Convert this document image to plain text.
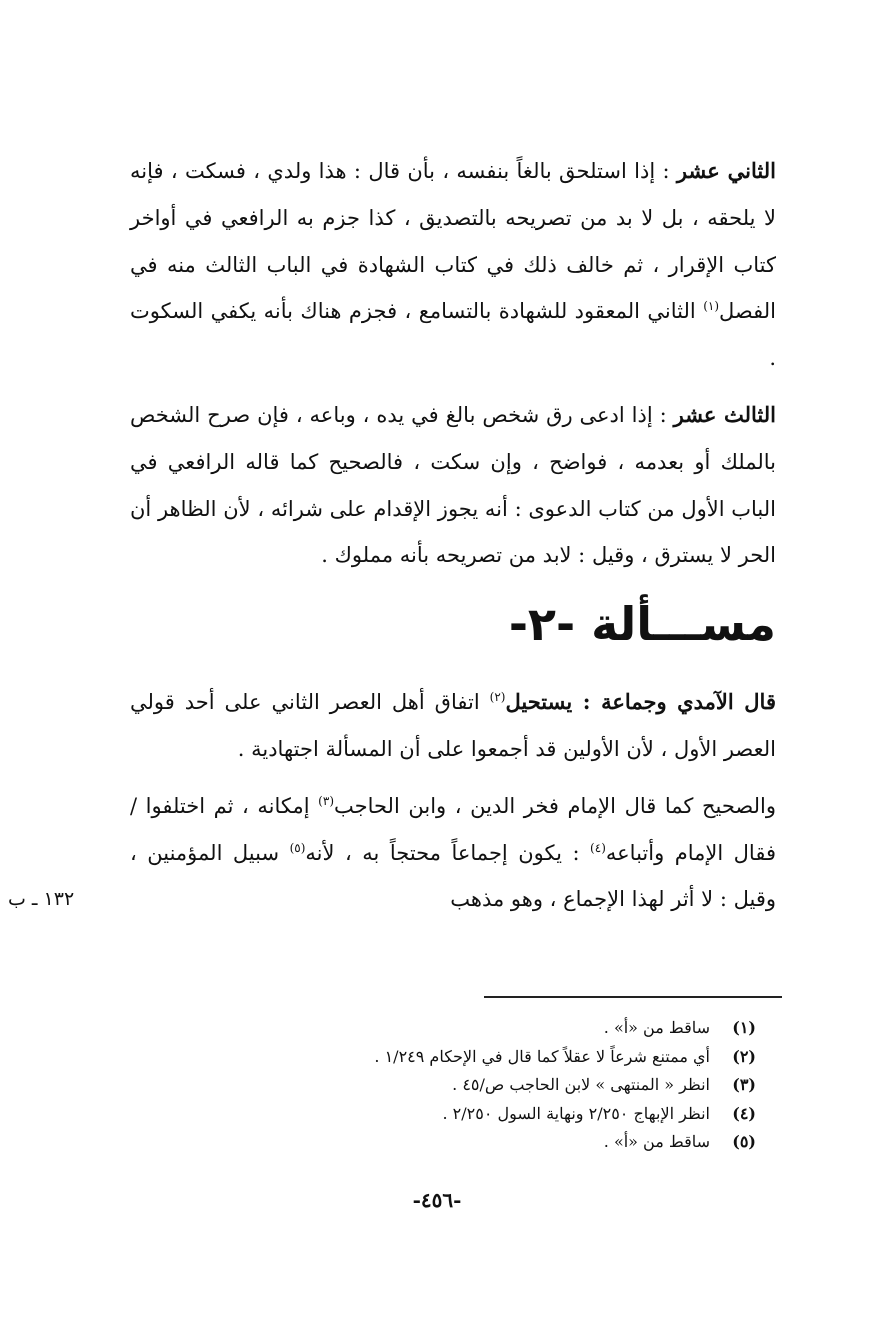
الثاني عشر : إذا استلحق بالغاً بنفسه ، بأن قال : هذا ولدي ، فسكت ، فإنه لا يلحقه ، بل لا بد من تصريحه بالتصديق ، كذا جزم به الرافعي في أواخر كتاب الإقرار ، ثم خالف ذلك في كتاب الشهادة في الباب الثالث منه في الفصل$^{(١)}$ الثاني المعقود للشهادة بالتسامع ، فجزم هناك بأنه يكفي السكوت .

الثالث عشر : إذا ادعى رق شخص بالغ في يده ، وباعه ، فإن صرح الشخص بالملك أو بعدمه ، فواضح ، وإن سكت ، فالصحيح كما قاله الرافعي في الباب الأول من كتاب الدعوى : أنه يجوز الإقدام على شرائه ، لأن الظاهر أن الحر لا يسترق ، وقيل : لابد من تصريحه بأنه مملوك .

مســـألة -٢-

قال الآمدي وجماعة : يستحيل$^{(٢)}$ اتفاق أهل العصر الثاني على أحد قولي العصر الأول ، لأن الأولين قد أجمعوا على أن المسألة اجتهادية .

والصحيح كما قال الإمام فخر الدين ، وابن الحاجب$^{(٣)}$ إمكانه ، ثم اختلفوا /فقال الإمام وأتباعه$^{(٤)}$ : يكون إجماعاً محتجاً به ، لأنه$^{(٥)}$ سبيل المؤمنين ، وقيل : لا أثر لهذا الإجماع ، وهو مذهب

١٣٢ ـ ب
(١)
ساقط من «أ» .
(٢)
أي ممتنع شرعاً لا عقلاً كما قال في الإحكام ١/٢٤٩ .
(٣)
انظر « المنتهى » لابن الحاجب ص/٤٥ .
(٤)
انظر الإبهاج ٢/٢٥٠ ونهاية السول ٢/٢٥٠ .
(٥)
ساقط من «أ» .
-٤٥٦-
